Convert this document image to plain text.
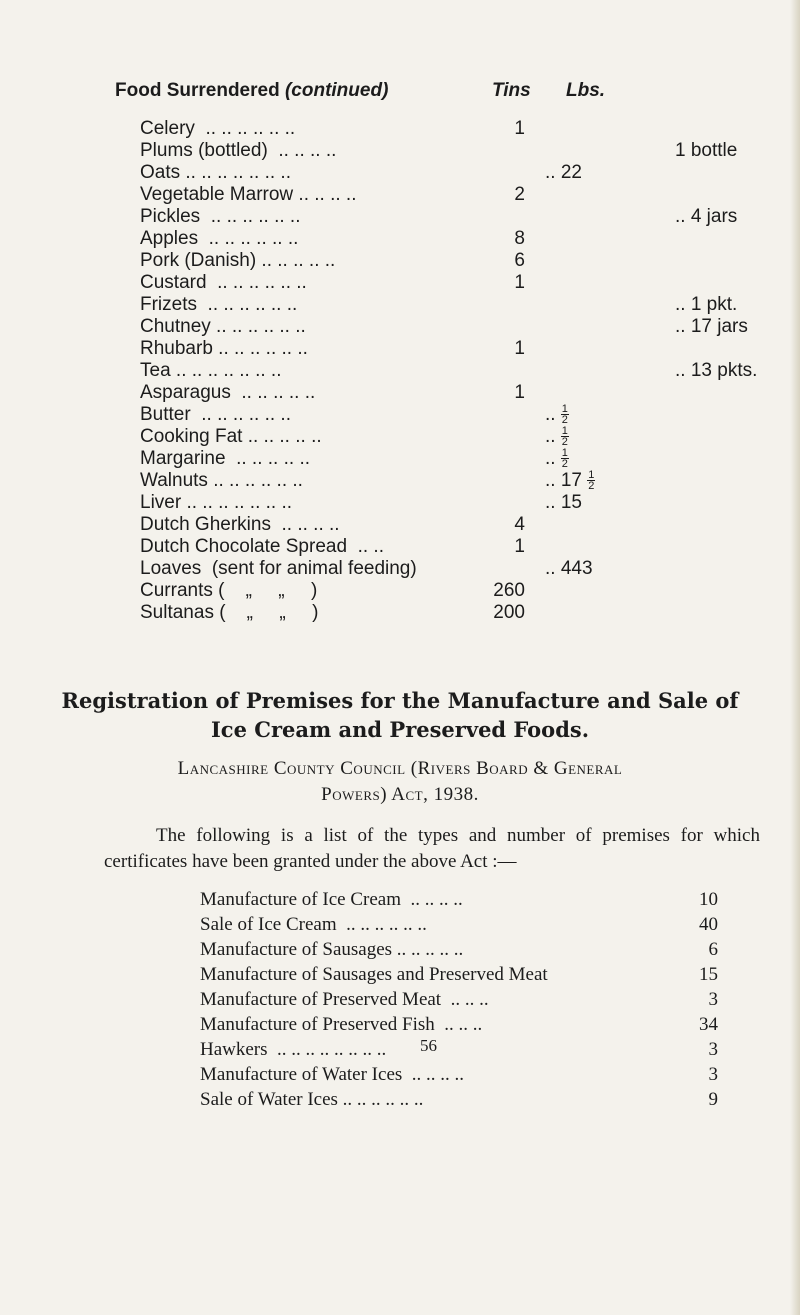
Food Surrendered (continued)	Tins Lbs.
Celery  .. .. .. .. .. ..	1
Plums (bottled)  .. .. .. ..	1 bottle
Oats .. .. .. .. .. .. ..	.. 22
Vegetable Marrow .. .. .. ..	2
Pickles  .. .. .. .. .. ..	.. 4 jars
Apples  .. .. .. .. .. ..	8
Pork (Danish) .. .. .. .. ..	6
Custard  .. .. .. .. .. ..	1
Frizets  .. .. .. .. .. ..	.. 1 pkt.
Chutney .. .. .. .. .. ..	.. 17 jars
Rhubarb .. .. .. .. .. ..	1
Tea .. .. .. .. .. .. ..	.. 13 pkts.
Asparagus  .. .. .. .. ..	1
Butter  .. .. .. .. .. ..	.. $\frac{1}{2}$
Cooking Fat .. .. .. .. ..	.. $\frac{1}{2}$
Margarine  .. .. .. .. ..	.. $\frac{1}{2}$
Walnuts .. .. .. .. .. ..	.. $17 \frac{1}{2}$
Liver .. .. .. .. .. .. ..	.. 15
Dutch Gherkins  .. .. .. ..	4
Dutch Chocolate Spread  .. ..	1
Loaves  (sent for animal feeding)	.. 443
Currants (    „     „     )	260
Sultanas (    „     „     )	200
Registration of Premises for the Manufacture and Sale of
Ice Cream and Preserved Foods.
Lancashire County Council (Rivers Board & General
Powers) Act, 1938.
The following is a list of the types and number of premises for which certificates have been granted under the above Act :—
Manufacture of Ice Cream  .. .. .. ..	10
Sale of Ice Cream  .. .. .. .. .. ..	40
Manufacture of Sausages .. .. .. .. ..	6
Manufacture of Sausages and Preserved Meat	15
Manufacture of Preserved Meat  .. .. ..	3
Manufacture of Preserved Fish  .. .. ..	34
Hawkers  .. .. .. .. .. .. .. ..	3
Manufacture of Water Ices  .. .. .. ..	3
Sale of Water Ices .. .. .. .. .. ..	9
56
